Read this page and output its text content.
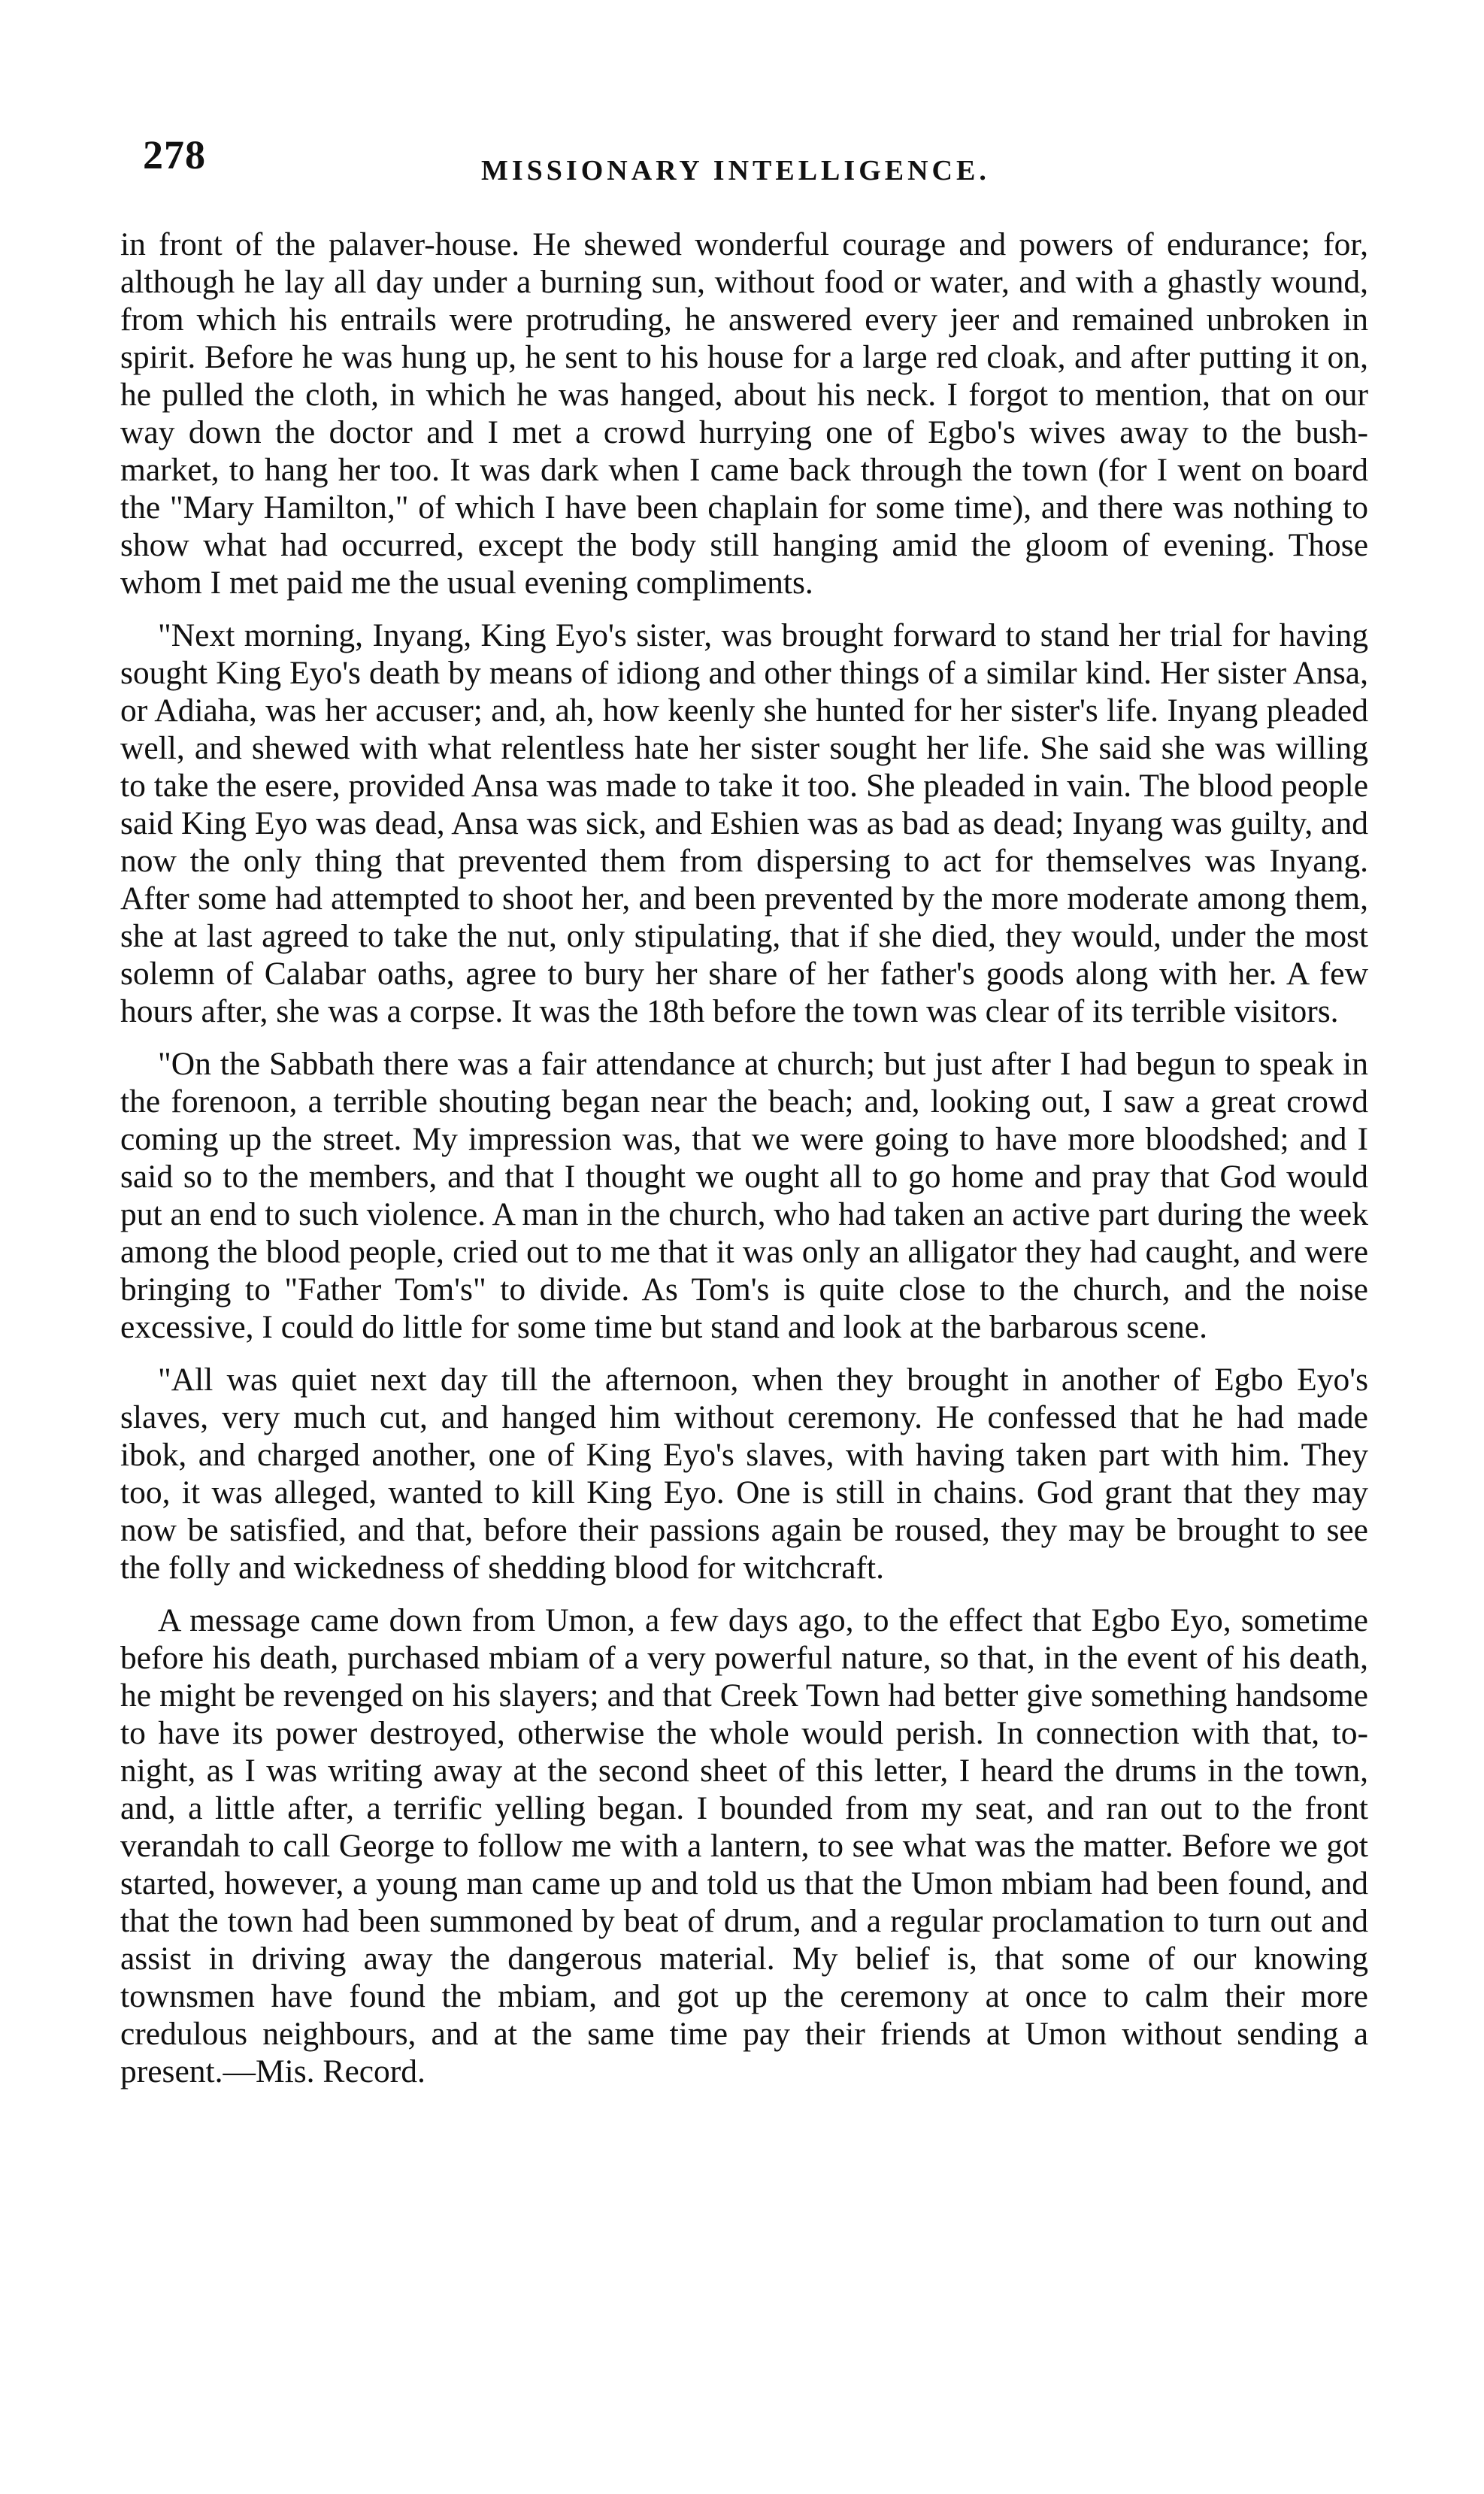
278	MISSIONARY INTELLIGENCE.

in front of the palaver-house. He shewed wonderful courage and powers of endurance; for, although he lay all day under a burning sun, without food or water, and with a ghastly wound, from which his entrails were protruding, he answered every jeer and remained unbroken in spirit. Before he was hung up, he sent to his house for a large red cloak, and after putting it on, he pulled the cloth, in which he was hanged, about his neck. I forgot to mention, that on our way down the doctor and I met a crowd hurrying one of Egbo's wives away to the bush-market, to hang her too. It was dark when I came back through the town (for I went on board the "Mary Hamilton," of which I have been chaplain for some time), and there was nothing to show what had occurred, except the body still hanging amid the gloom of evening. Those whom I met paid me the usual evening compliments.

"Next morning, Inyang, King Eyo's sister, was brought forward to stand her trial for having sought King Eyo's death by means of idiong and other things of a similar kind. Her sister Ansa, or Adiaha, was her accuser; and, ah, how keenly she hunted for her sister's life. Inyang pleaded well, and shewed with what relentless hate her sister sought her life. She said she was willing to take the esere, provided Ansa was made to take it too. She pleaded in vain. The blood people said King Eyo was dead, Ansa was sick, and Eshien was as bad as dead; Inyang was guilty, and now the only thing that prevented them from dispersing to act for themselves was Inyang. After some had attempted to shoot her, and been prevented by the more moderate among them, she at last agreed to take the nut, only stipulating, that if she died, they would, under the most solemn of Calabar oaths, agree to bury her share of her father's goods along with her. A few hours after, she was a corpse. It was the 18th before the town was clear of its terrible visitors.

"On the Sabbath there was a fair attendance at church; but just after I had begun to speak in the forenoon, a terrible shouting began near the beach; and, looking out, I saw a great crowd coming up the street. My impression was, that we were going to have more bloodshed; and I said so to the members, and that I thought we ought all to go home and pray that God would put an end to such violence. A man in the church, who had taken an active part during the week among the blood people, cried out to me that it was only an alligator they had caught, and were bringing to "Father Tom's" to divide. As Tom's is quite close to the church, and the noise excessive, I could do little for some time but stand and look at the barbarous scene.

"All was quiet next day till the afternoon, when they brought in another of Egbo Eyo's slaves, very much cut, and hanged him without ceremony. He confessed that he had made ibok, and charged another, one of King Eyo's slaves, with having taken part with him. They too, it was alleged, wanted to kill King Eyo. One is still in chains. God grant that they may now be satisfied, and that, before their passions again be roused, they may be brought to see the folly and wickedness of shedding blood for witchcraft.

A message came down from Umon, a few days ago, to the effect that Egbo Eyo, sometime before his death, purchased mbiam of a very powerful nature, so that, in the event of his death, he might be revenged on his slayers; and that Creek Town had better give something handsome to have its power destroyed, otherwise the whole would perish. In connection with that, to-night, as I was writing away at the second sheet of this letter, I heard the drums in the town, and, a little after, a terrific yelling began. I bounded from my seat, and ran out to the front verandah to call George to follow me with a lantern, to see what was the matter. Before we got started, however, a young man came up and told us that the Umon mbiam had been found, and that the town had been summoned by beat of drum, and a regular proclamation to turn out and assist in driving away the dangerous material. My belief is, that some of our knowing townsmen have found the mbiam, and got up the ceremony at once to calm their more credulous neighbours, and at the same time pay their friends at Umon without sending a present.—Mis. Record.
